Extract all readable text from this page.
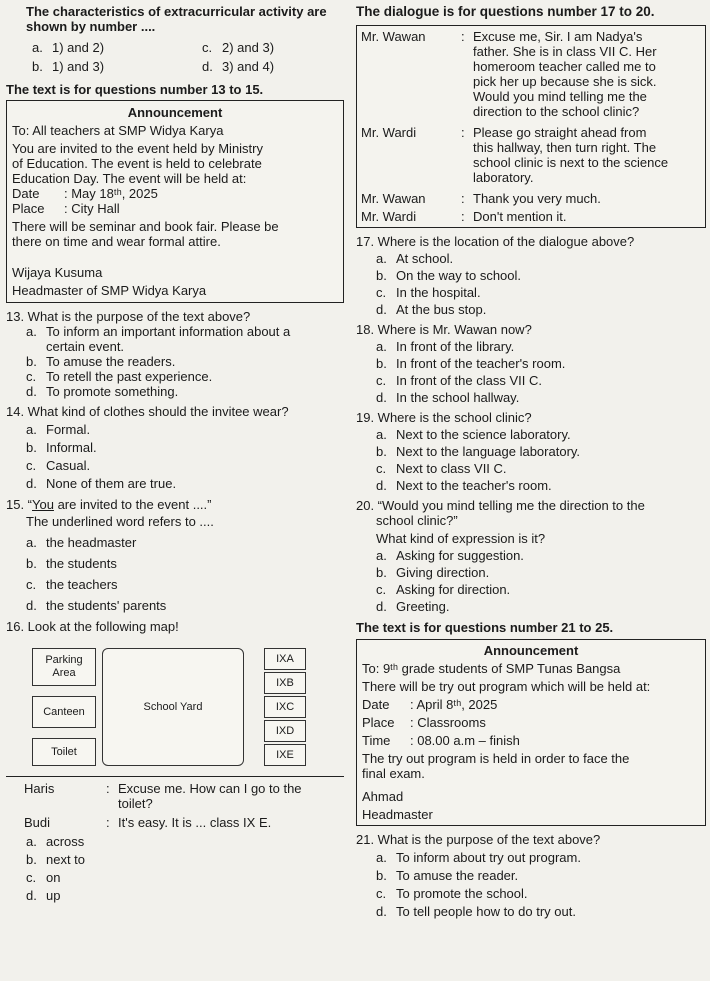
The characteristics of extracurricular activity are

shown by number ....

a. 1) and 2)	c. 2) and 3)
b. 1) and 3)	d. 3) and 4)

The text is for questions number 13 to 15.

Announcement

To: All teachers at SMP Widya Karya

You are invited to the event held by Ministry

of Education. The event is held to celebrate

Education Day. The event will be held at:

Date	: May 18ᵗʰ, 2025

Place	: City Hall

There will be seminar and book fair. Please be

there on time and wear formal attire.

Wijaya Kusuma

Headmaster of SMP Widya Karya

13. What is the purpose of the text above?

a. To inform an important information about a
certain event.
b. To amuse the readers.
c. To retell the past experience.
d. To promote something.

14. What kind of clothes should the invitee wear?

a. Formal.
b. Informal.
c. Casual.
d. None of them are true.

15. “You are invited to the event ....”

The underlined word refers to ....

a. the headmaster
b. the students
c. the teachers
d. the students' parents

16. Look at the following map!

Parking Area
Canteen
Toilet
School Yard
IXA
IXB
IXC
IXD
IXE
Haris	: Excuse me. How can I go to the
toilet?
Budi	: It's easy. It is ... class IX E.
a. across
b. next to
c. on
d. up

The dialogue is for questions number 17 to 20.

Mr. Wawan	: Excuse me, Sir. I am Nadya's
father. She is in class VII C. Her
homeroom teacher called me to
pick her up because she is sick.
Would you mind telling me the
direction to the school clinic?
Mr. Wardi	: Please go straight ahead from
this hallway, then turn right. The
school clinic is next to the science
laboratory.
Mr. Wawan	: Thank you very much.
Mr. Wardi	: Don't mention it.

17. Where is the location of the dialogue above?

a. At school.
b. On the way to school.
c. In the hospital.
d. At the bus stop.

18. Where is Mr. Wawan now?

a. In front of the library.
b. In front of the teacher's room.
c. In front of the class VII C.
d. In the school hallway.

19. Where is the school clinic?

a. Next to the science laboratory.
b. Next to the language laboratory.
c. Next to class VII C.
d. Next to the teacher's room.

20. “Would you mind telling me the direction to the

school clinic?”

What kind of expression is it?

a. Asking for suggestion.
b. Giving direction.
c. Asking for direction.
d. Greeting.

The text is for questions number 21 to 25.

Announcement

To: 9ᵗʰ grade students of SMP Tunas Bangsa

There will be try out program which will be held at:

Date	: April 8ᵗʰ, 2025

Place	: Classrooms

Time	: 08.00 a.m – finish

The try out program is held in order to face the

final exam.

Ahmad

Headmaster

21. What is the purpose of the text above?

a. To inform about try out program.
b. To amuse the reader.
c. To promote the school.
d. To tell people how to do try out.
